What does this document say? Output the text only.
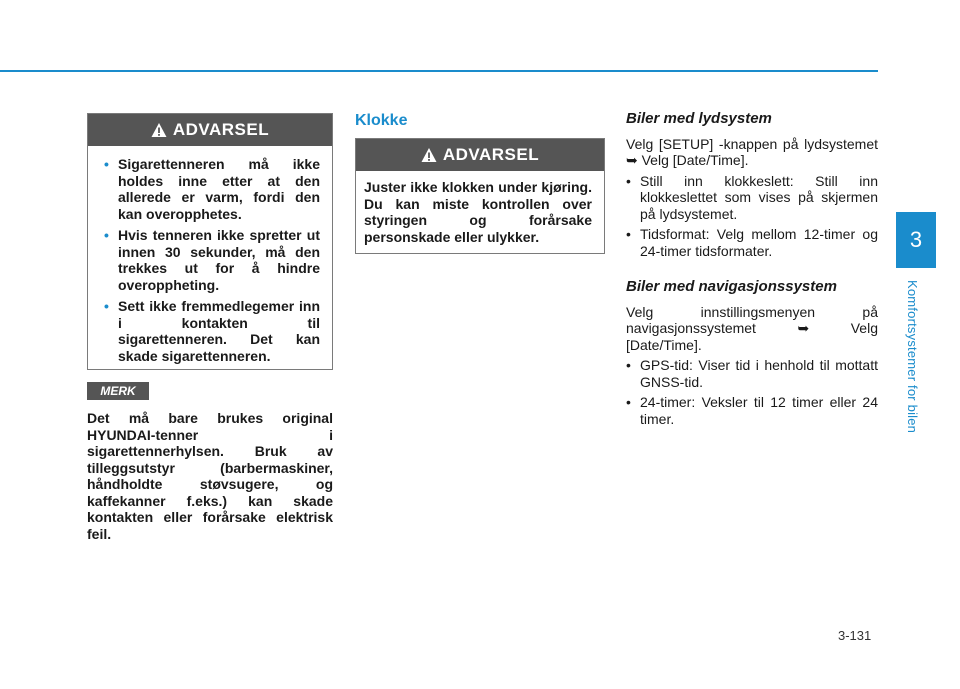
3
Komfortsystemer for bilen
ADVARSEL
• Sigarettenneren må ikke holdes inne etter at den allerede er varm, fordi den kan overopphetes.
• Hvis tenneren ikke spretter ut innen 30 sekunder, må den trekkes ut for å hindre overoppheting.
• Sett ikke fremmedlegemer inn i kontakten til sigarettenneren. Det kan skade sigarettenneren.
MERK
Det må bare brukes original HYUNDAI-tenner i sigarettennerhylsen. Bruk av tilleggsutstyr (barbermaskiner, håndholdte støvsugere, og kaffekanner f.eks.) kan skade kontakten eller forårsake elektrisk feil.
Klokke
ADVARSEL
Juster ikke klokken under kjøring. Du kan miste kontrollen over styringen og forårsake personskade eller ulykker.
Biler med lydsystem

Velg [SETUP] -knappen på lydsystemet ➥ Velg [Date/Time].

• Still inn klokkeslett: Still inn klokkeslettet som vises på skjermen på lydsystemet.
• Tidsformat: Velg mellom 12-timer og 24-timer tidsformater.
Biler med navigasjonssystem

Velg innstillingsmenyen på navigasjonssystemet ➥ Velg [Date/Time].

• GPS-tid: Viser tid i henhold til mottatt GNSS-tid.
• 24-timer: Veksler til 12 timer eller 24 timer.
3-131
